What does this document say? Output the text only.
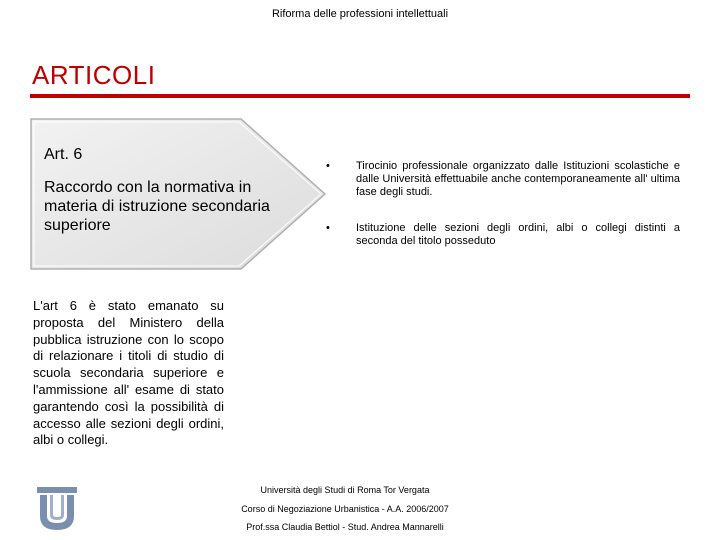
Riforma delle professioni intellettuali
ARTICOLI
Art. 6
Raccordo con la normativa in materia di istruzione secondaria superiore
• Tirocinio professionale organizzato dalle Istituzioni scolastiche e dalle Università effettuabile anche contemporaneamente all' ultima fase degli studi.
• Istituzione delle sezioni degli ordini, albi o collegi distinti a seconda del titolo posseduto
L'art 6 è stato emanato su proposta del Ministero della pubblica istruzione con lo scopo di relazionare i titoli di studio di scuola secondaria superiore e l'ammissione all' esame di stato garantendo così la possibilità di accesso alle sezioni degli ordini, albi o collegi.
Università degli Studi di Roma Tor Vergata
Corso di Negoziazione Urbanistica - A.A. 2006/2007
Prof.ssa Claudia Bettiol - Stud. Andrea Mannarelli
